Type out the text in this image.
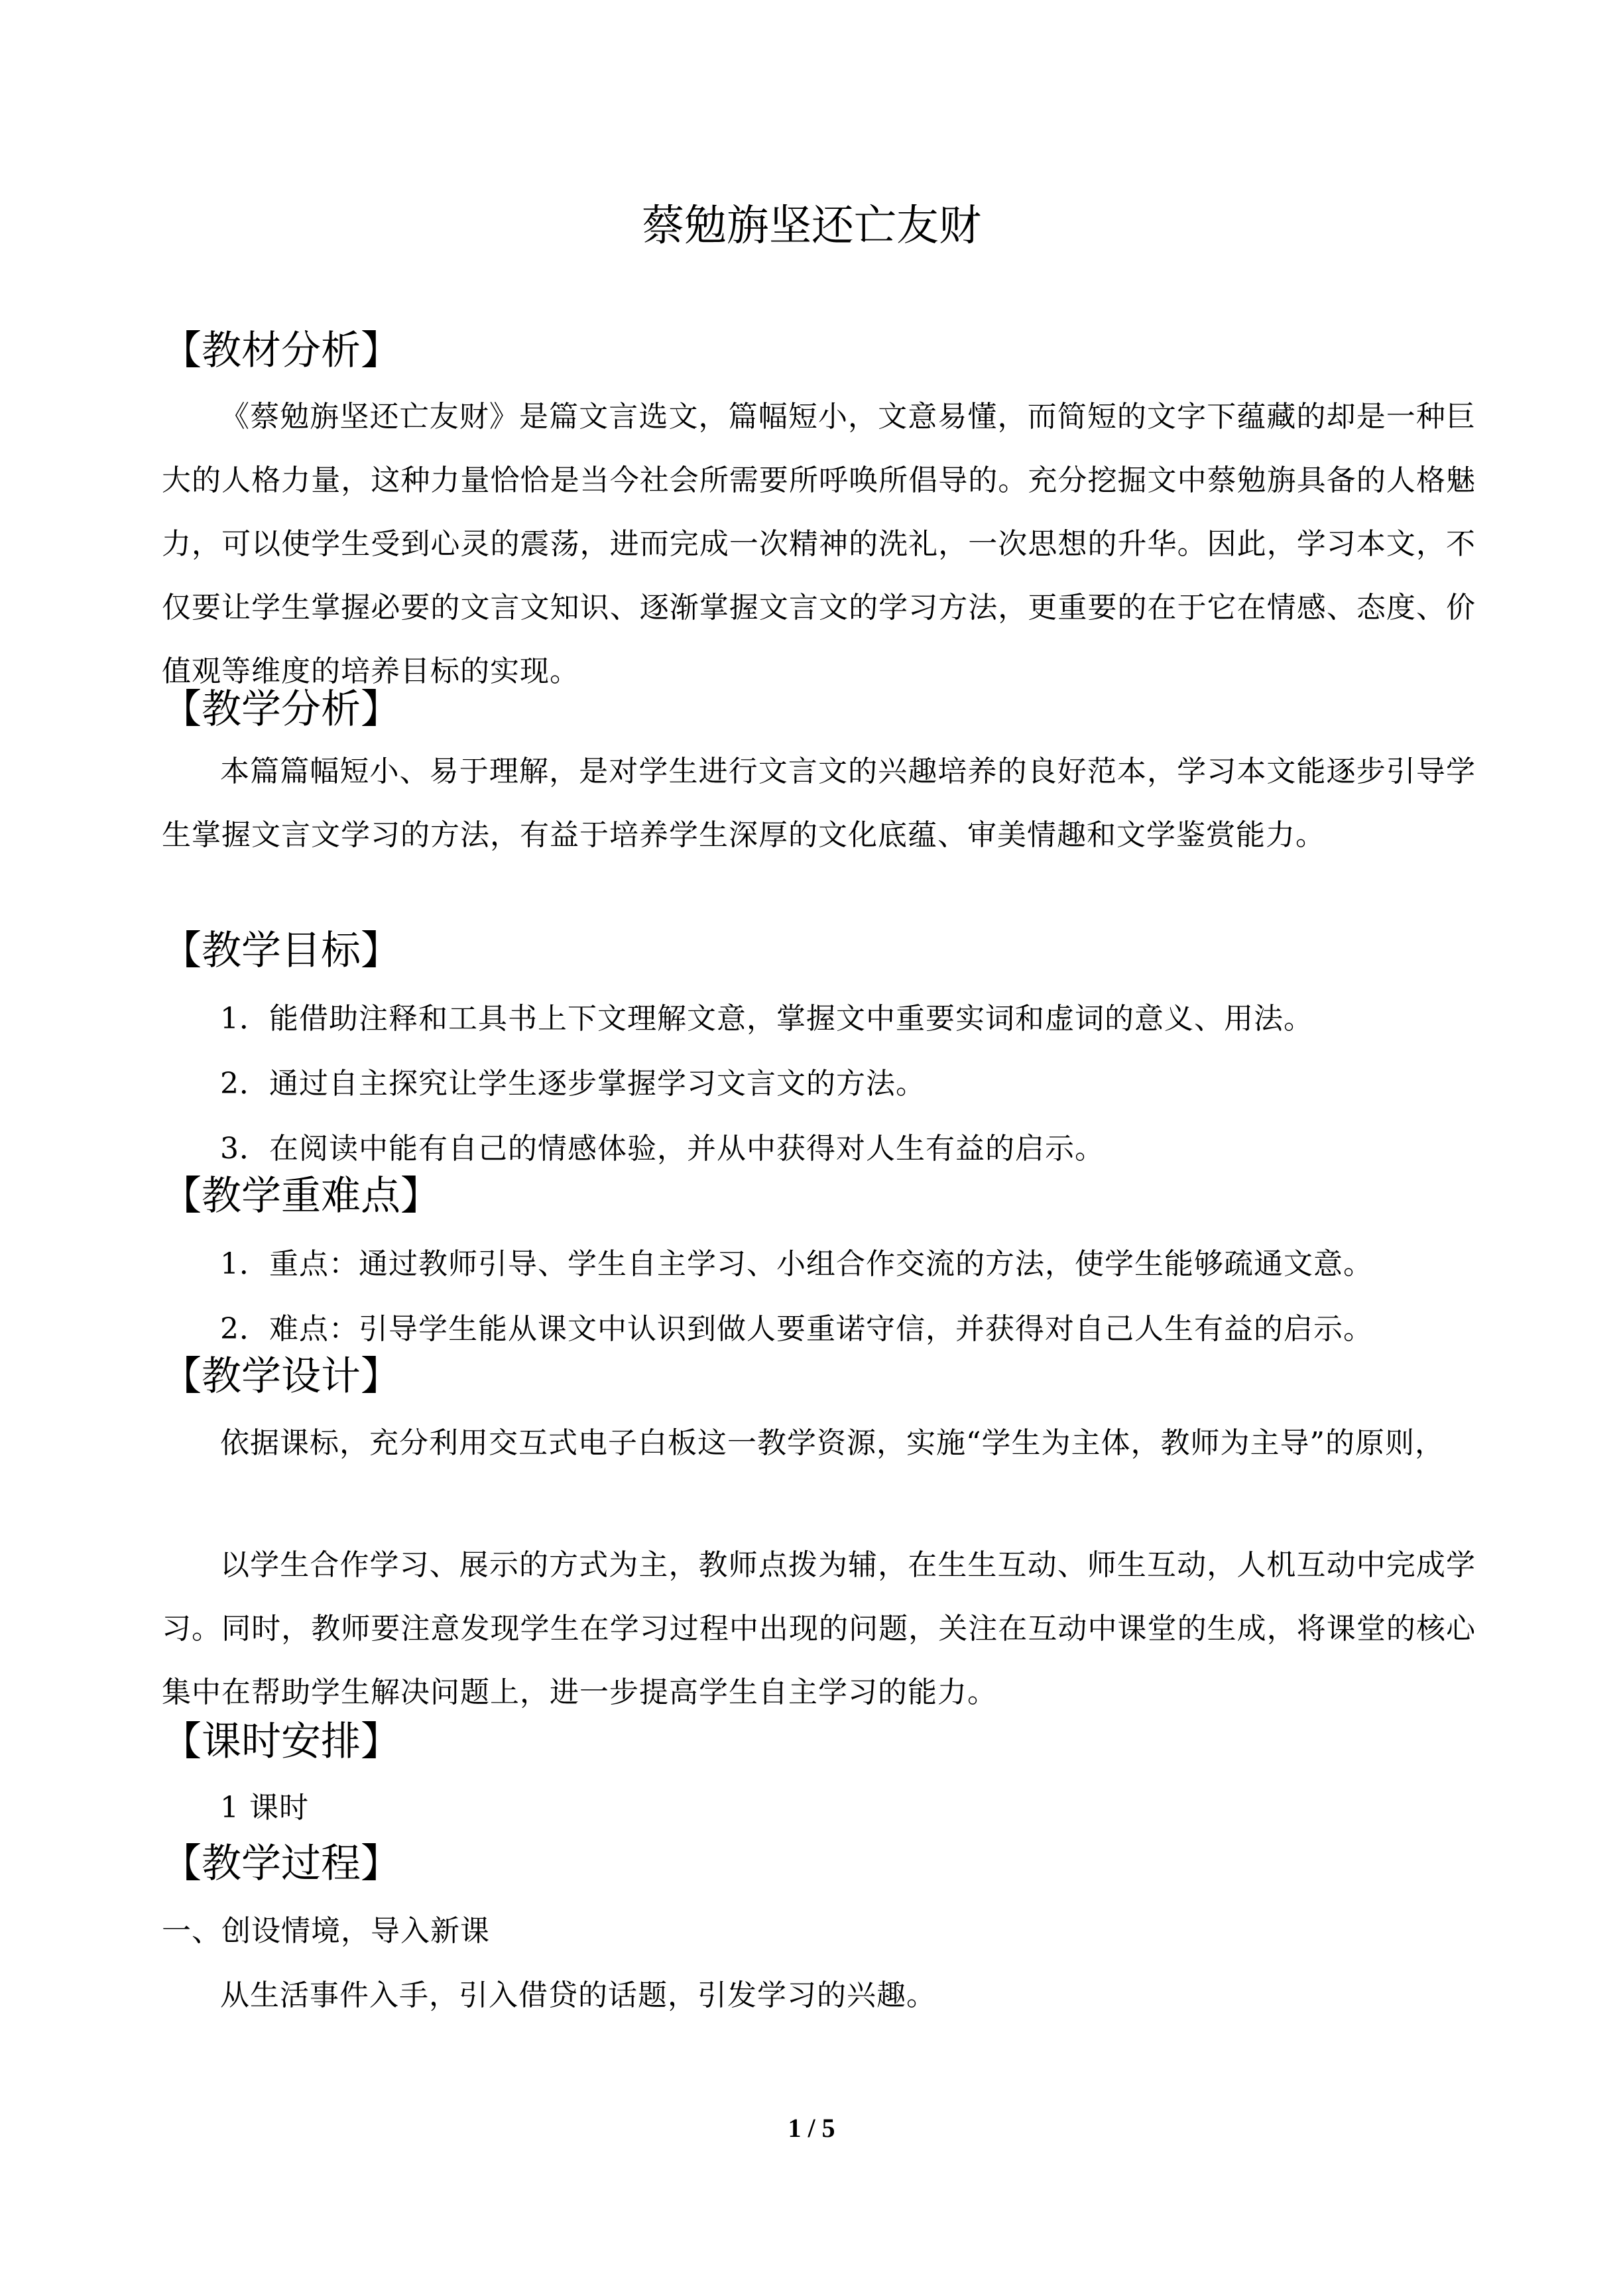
蔡勉旃坚还亡友财
【教材分析】

《蔡勉旃坚还亡友财》是篇文言选文，篇幅短小，文意易懂，而简短的文字下蕴藏的却是一种巨大的人格力量，这种力量恰恰是当今社会所需要所呼唤所倡导的。充分挖掘文中蔡勉旃具备的人格魅力，可以使学生受到心灵的震荡，进而完成一次精神的洗礼，一次思想的升华。因此，学习本文，不仅要让学生掌握必要的文言文知识、逐渐掌握文言文的学习方法，更重要的在于它在情感、态度、价值观等维度的培养目标的实现。

【教学分析】

本篇篇幅短小、易于理解，是对学生进行文言文的兴趣培养的良好范本，学习本文能逐步引导学生掌握文言文学习的方法，有益于培养学生深厚的文化底蕴、审美情趣和文学鉴赏能力。

【教学目标】

1．能借助注释和工具书上下文理解文意，掌握文中重要实词和虚词的意义、用法。

2．通过自主探究让学生逐步掌握学习文言文的方法。

3．在阅读中能有自己的情感体验，并从中获得对人生有益的启示。

【教学重难点】

1．重点：通过教师引导、学生自主学习、小组合作交流的方法，使学生能够疏通文意。

2．难点：引导学生能从课文中认识到做人要重诺守信，并获得对自己人生有益的启示。

【教学设计】

依据课标，充分利用交互式电子白板这一教学资源，实施“学生为主体，教师为主导”的原则，

以学生合作学习、展示的方式为主，教师点拨为辅，在生生互动、师生互动，人机互动中完成学习。同时，教师要注意发现学生在学习过程中出现的问题，关注在互动中课堂的生成，将课堂的核心集中在帮助学生解决问题上，进一步提高学生自主学习的能力。

【课时安排】

1 课时

【教学过程】

一、创设情境，导入新课

从生活事件入手，引入借贷的话题，引发学习的兴趣。

1 / 5
